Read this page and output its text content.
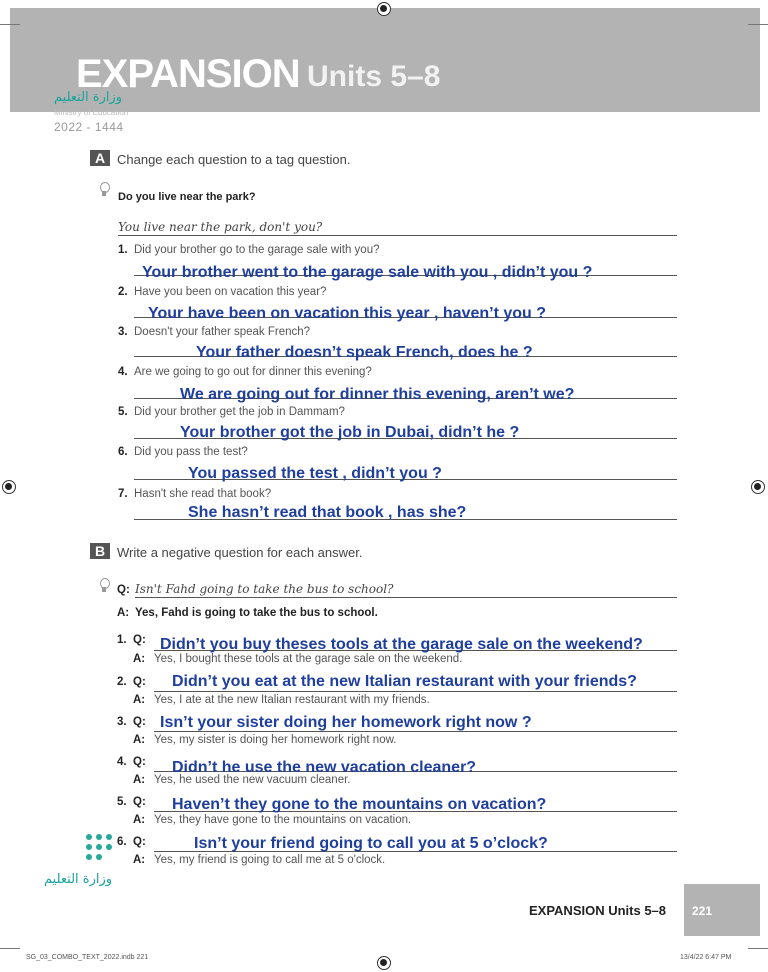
EXPANSION Units 5–8
وزارة التعليم
Ministry of Education
2022 - 1444
A Change each question to a tag question.
Do you live near the park?
You live near the park, don't you?
1. Did your brother go to the garage sale with you?
Your brother went to the garage sale with you , didn’t you ?
2. Have you been on vacation this year?
Your have been on vacation this year , haven’t you ?
3. Doesn't your father speak French?
Your father doesn’t speak French, does he ?
4. Are we going to go out for dinner this evening?
We are going out for dinner this evening, aren’t we?
5. Did your brother get the job in Dammam?
Your brother got the job in Dubai, didn’t he ?
6. Did you pass the test?
You passed the test , didn’t you ?
7. Hasn't she read that book?
She hasn’t read that book , has she?
B Write a negative question for each answer.
Q: Isn't Fahd going to take the bus to school?
A: Yes, Fahd is going to take the bus to school.
1. Q:
A: Yes, I bought these tools at the garage sale on the weekend.
Didn’t you buy theses tools at the garage sale on the weekend?
2. Q:
A: Yes, I ate at the new Italian restaurant with my friends.
Didn’t you eat at the new Italian restaurant with your friends?
3. Q:
A: Yes, my sister is doing her homework right now.
Isn’t your sister doing her homework right now ?
4. Q:
A: Yes, he used the new vacuum cleaner.
Didn’t he use the new vacation cleaner?
5. Q:
A: Yes, they have gone to the mountains on vacation.
Haven’t they gone to the mountains on vacation?
6. Q:
A: Yes, my friend is going to call me at 5 o'clock.
Isn’t your friend going to call you at 5 o’clock?
وزارة التعليم
EXPANSION Units 5–8 221
SG_03_COMBO_TEXT_2022.indb 221	13/4/22 6:47 PM
